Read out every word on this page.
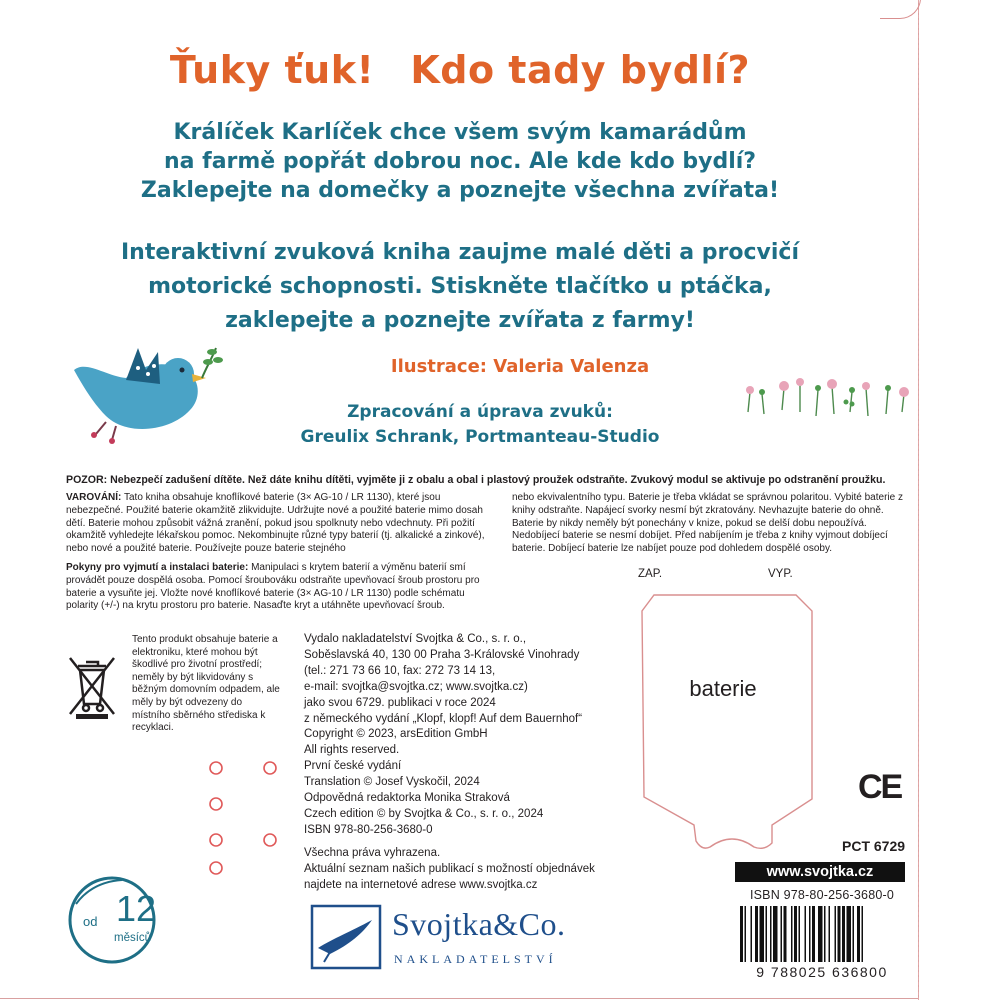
Ťuky ťuk! Kdo tady bydlí?
Králíček Karlíček chce všem svým kamarádům
na farmě popřát dobrou noc. Ale kde kdo bydlí?
Zaklepejte na domečky a poznejte všechna zvířata!
Interaktivní zvuková kniha zaujme malé děti a procvičí
motorické schopnosti. Stiskněte tlačítko u ptáčka,
zaklepejte a poznejte zvířata z farmy!
Ilustrace: Valeria Valenza
Zpracování a úprava zvuků:
Greulix Schrank, Portmanteau-Studio
POZOR: Nebezpečí zadušení dítěte. Než dáte knihu dítěti, vyjměte ji z obalu a obal i plastový proužek odstraňte. Zvukový modul se aktivuje po odstranění proužku.
VAROVÁNÍ: Tato kniha obsahuje knoflíkové baterie (3× AG-10 / LR 1130), které jsou nebezpečné. Použité baterie okamžitě zlikvidujte. Udržujte nové a použité baterie mimo dosah dětí. Baterie mohou způsobit vážná zranění, pokud jsou spolknuty nebo vdechnuty. Při požití okamžitě vyhledejte lékařskou pomoc. Nekombinujte různé typy baterií (tj. alkalické a zinkové), nebo nové a použité baterie. Používejte pouze baterie stejného
nebo ekvivalentního typu. Baterie je třeba vkládat se správnou polaritou. Vybité baterie z knihy odstraňte. Napájecí svorky nesmí být zkratovány. Nevhazujte baterie do ohně. Baterie by nikdy neměly být ponechány v knize, pokud se delší dobu nepoužívá. Nedobíjecí baterie se nesmí dobíjet. Před nabíjením je třeba z knihy vyjmout dobíjecí baterie. Dobíjecí baterie lze nabíjet pouze pod dohledem dospělé osoby.
Pokyny pro vyjmutí a instalaci baterie: Manipulaci s krytem baterií a výměnu baterií smí provádět pouze dospělá osoba. Pomocí šroubováku odstraňte upevňovací šroub prostoru pro baterie a vysuňte jej. Vložte nové knoflíkové baterie (3× AG-10 / LR 1130) podle schématu polarity (+/-) na krytu prostoru pro baterie. Nasaďte kryt a utáhněte upevňovací šroub.
Tento produkt obsahuje baterie a elektroniku, které mohou být škodlivé pro životní prostředí; neměly by být likvidovány s běžným domovním odpadem, ale měly by být odvezeny do místního sběrného střediska k recyklaci.
Vydalo nakladatelství Svojtka & Co., s. r. o.,
Soběslavská 40, 130 00 Praha 3-Královské Vinohrady
(tel.: 271 73 66 10, fax: 272 73 14 13,
e-mail: svojtka@svojtka.cz; www.svojtka.cz)
jako svou 6729. publikaci v roce 2024
z německého vydání „Klopf, klopf! Auf dem Bauernhof“
Copyright © 2023, arsEdition GmbH
All rights reserved.
První české vydání
Translation © Josef Vyskočil, 2024
Odpovědná redaktorka Monika Straková
Czech edition © by Svojtka & Co., s. r. o., 2024
ISBN 978-80-256-3680-0
Všechna práva vyhrazena.
Aktuální seznam našich publikací s možností objednávek
najdete na internetové adrese www.svojtka.cz
ZAP.	VYP.
baterie
CE
PCT 6729
www.svojtka.cz
ISBN 978-80-256-3680-0
9 788025 636800
od 12
měsíců	Svojtka&Co.
NAKLADATELSTVÍ
